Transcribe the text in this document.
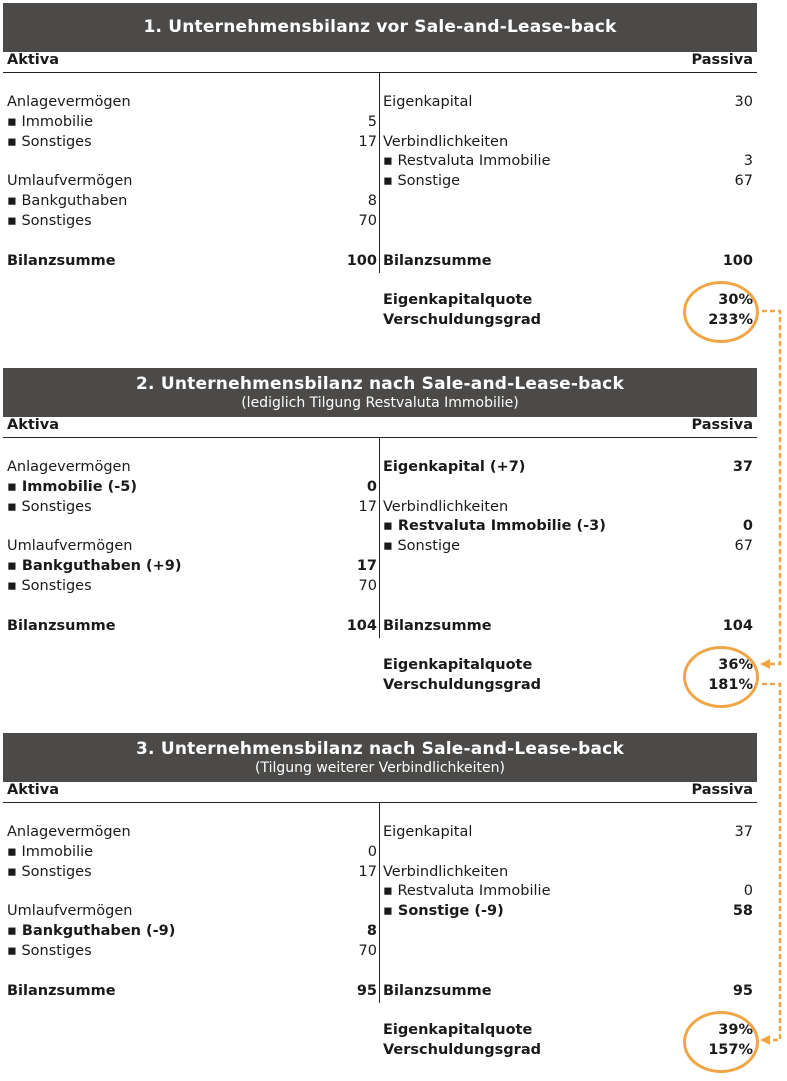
1. Unternehmensbilanz vor Sale-and-Lease-back
Aktiva	Passiva
Anlagevermögen
▪ Immobilie	5
▪ Sonstiges	17
Umlaufvermögen
▪ Bankguthaben	8
▪ Sonstiges	70
Bilanzsumme	100
Eigenkapital	30
Verbindlichkeiten
▪ Restvaluta Immobilie	3
▪ Sonstige	67
Bilanzsumme	100
Eigenkapitalquote	30%
Verschuldungsgrad	233%
2. Unternehmensbilanz nach Sale-and-Lease-back
(lediglich Tilgung Restvaluta Immobilie)
Aktiva	Passiva
Anlagevermögen
▪ Immobilie (-5)	0
▪ Sonstiges	17
Umlaufvermögen
▪ Bankguthaben (+9)	17
▪ Sonstiges	70
Bilanzsumme	104
Eigenkapital (+7)	37
Verbindlichkeiten
▪ Restvaluta Immobilie (-3)	0
▪ Sonstige	67
Bilanzsumme	104
Eigenkapitalquote	36%
Verschuldungsgrad	181%
3. Unternehmensbilanz nach Sale-and-Lease-back
(Tilgung weiterer Verbindlichkeiten)
Aktiva	Passiva
Anlagevermögen
▪ Immobilie	0
▪ Sonstiges	17
Umlaufvermögen
▪ Bankguthaben (-9)	8
▪ Sonstiges	70
Bilanzsumme	95
Eigenkapital	37
Verbindlichkeiten
▪ Restvaluta Immobilie	0
▪ Sonstige (-9)	58
Bilanzsumme	95
Eigenkapitalquote	39%
Verschuldungsgrad	157%
